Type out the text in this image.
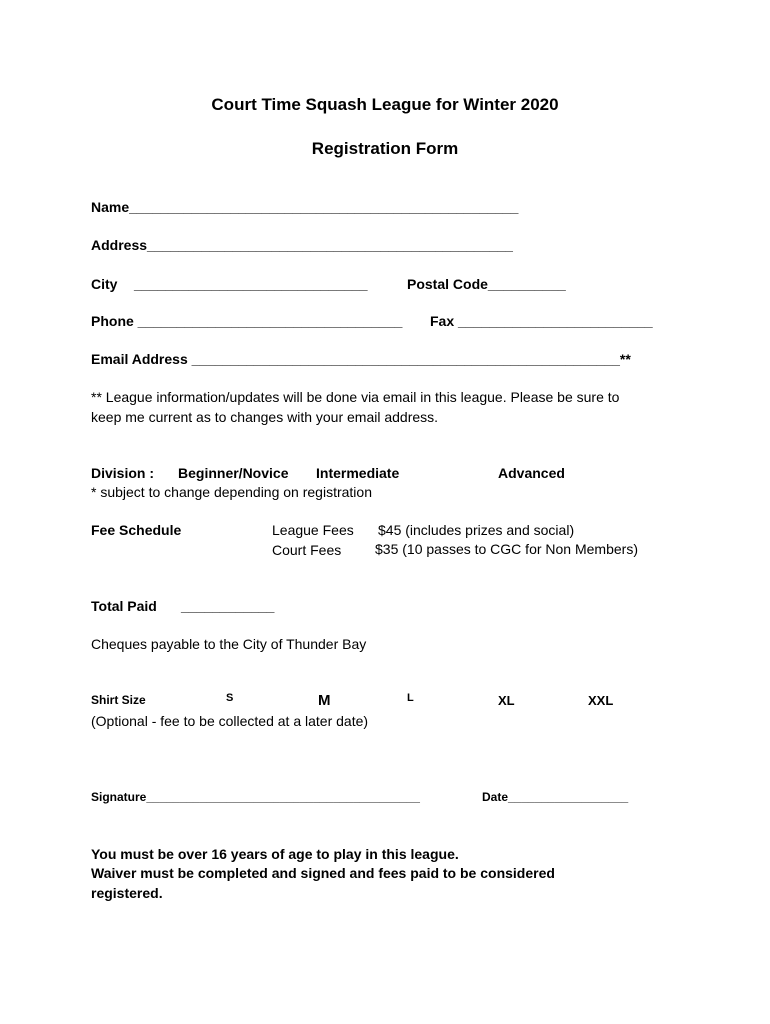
Court Time Squash League for Winter 2020
Registration Form
Name__________________________________________________
Address_______________________________________________
City ______________________________	Postal Code__________
Phone __________________________________ Fax _________________________
Email Address _______________________________________________________**
** League information/updates will be done via email in this league. Please be sure to
keep me current as to changes with your email address.
Division : Beginner/Novice Intermediate	Advanced
* subject to change depending on registration
Fee Schedule	League Fees $45 (includes prizes and social)
Court Fees $35 (10 passes to CGC for Non Members)
Total Paid ____________
Cheques payable to the City of Thunder Bay
Shirt Size	S	M	L	XL	XXL
(Optional - fee to be collected at a later date)
Signature_________________________________________	Date__________________
You must be over 16 years of age to play in this league.
Waiver must be completed and signed and fees paid to be considered
registered.
